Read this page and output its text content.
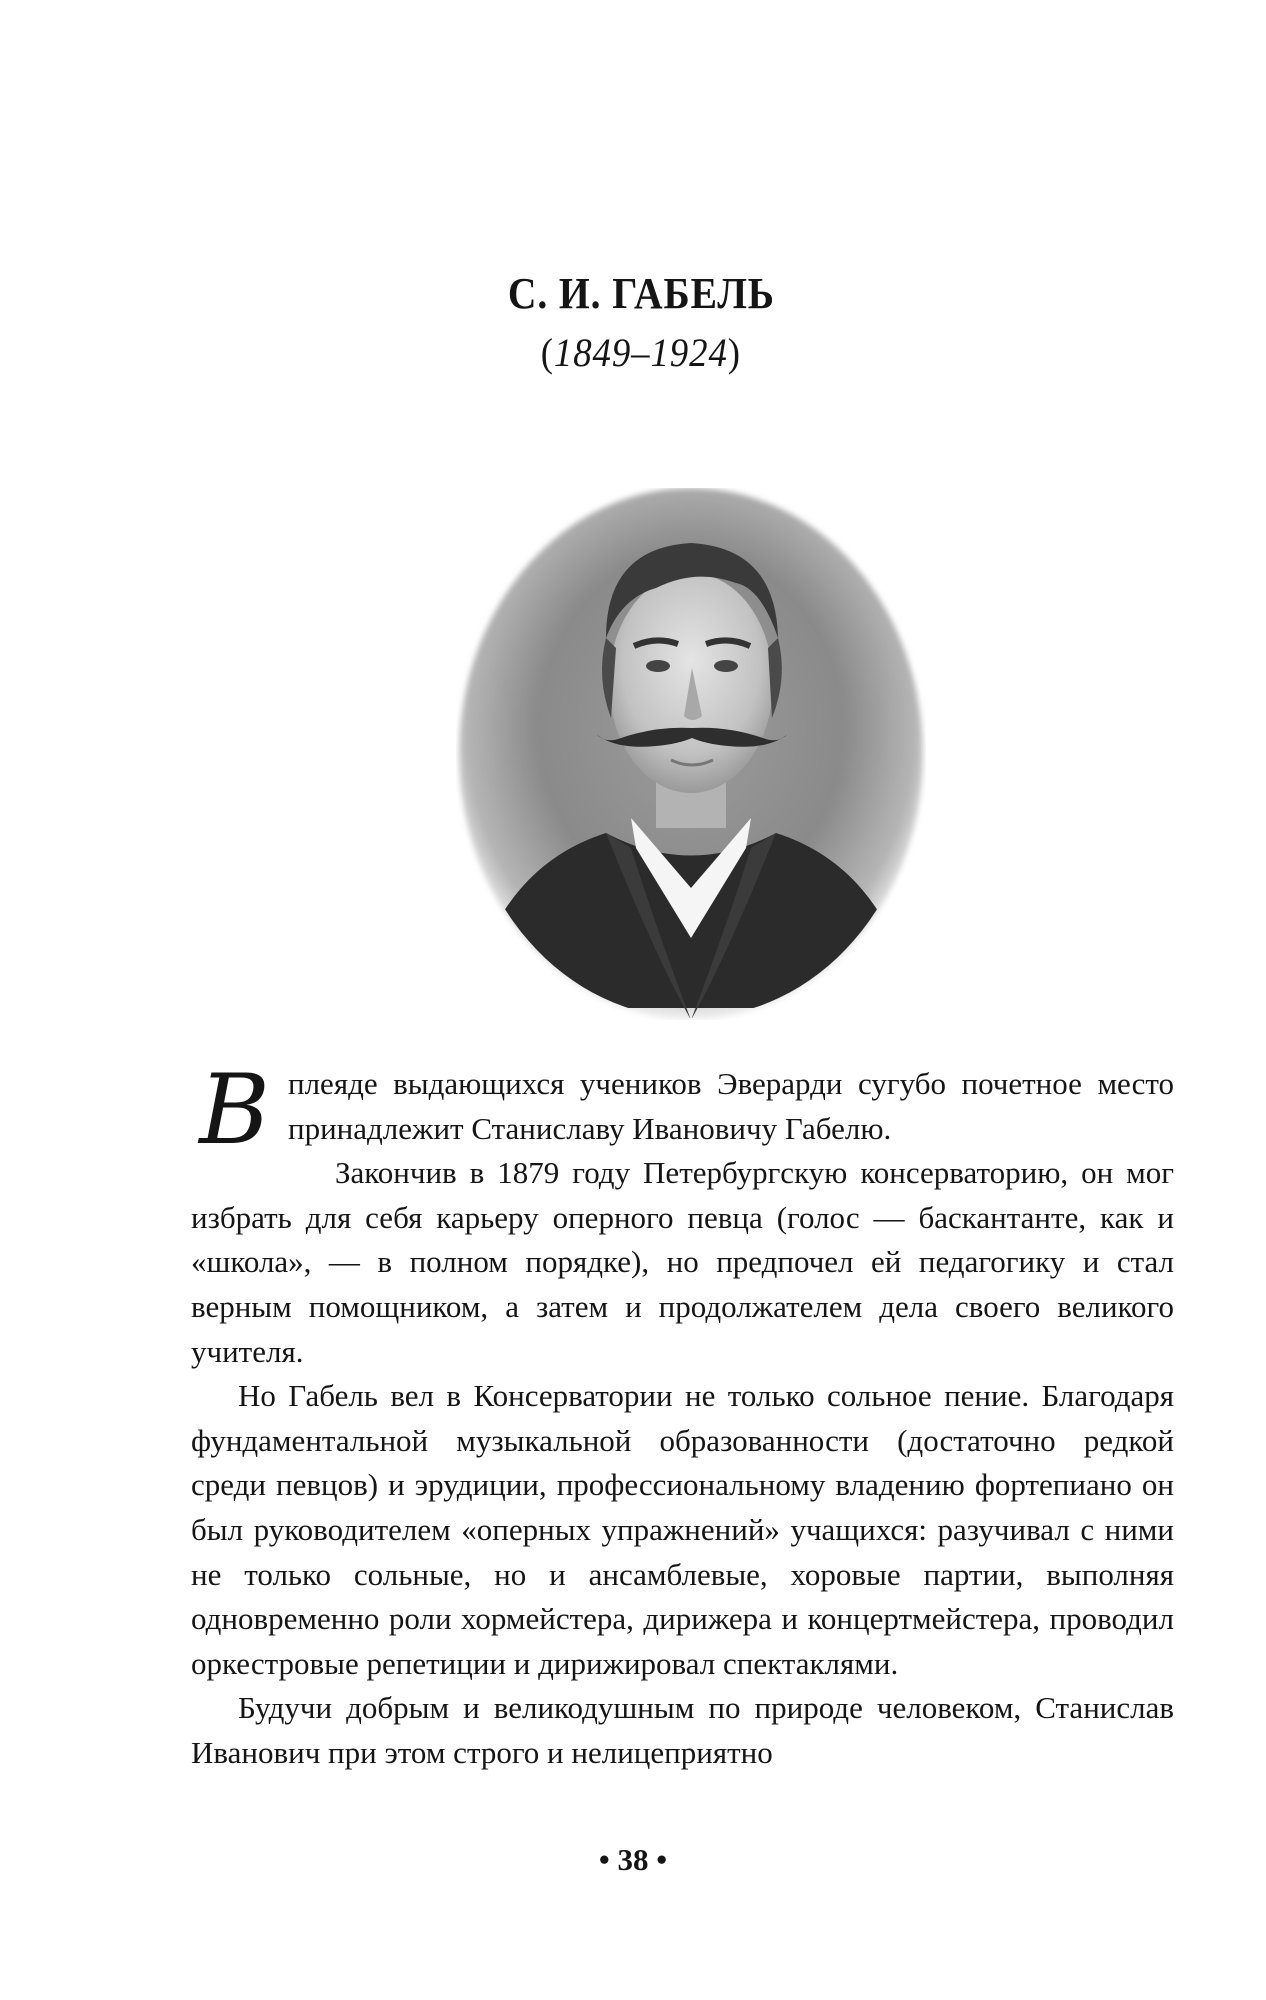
С. И. ГАБЕЛЬ
(1849–1924)

Вплеяде выдающихся учеников Эверарди сугубо почетное место принадлежит Станиславу Ивановичу Габелю.

Закончив в 1879 году Петербургскую консерваторию, он мог избрать для себя карьеру оперного певца (голос — баскантанте, как и «школа», — в полном порядке), но предпочел ей педагогику и стал верным помощником, а затем и продолжателем дела своего великого учителя.

Но Габель вел в Консерватории не только сольное пение. Благодаря фундаментальной музыкальной образованности (достаточно редкой среди певцов) и эрудиции, профессиональному владению фортепиано он был руководителем «оперных упражнений» учащихся: разучивал с ними не только сольные, но и ансамблевые, хоровые партии, выполняя одновременно роли хормейстера, дирижера и концертмейстера, проводил оркестровые репетиции и дирижировал спектаклями.

Будучи добрым и великодушным по природе человеком, Станислав Иванович при этом строго и нелицеприятно

• 38 •
